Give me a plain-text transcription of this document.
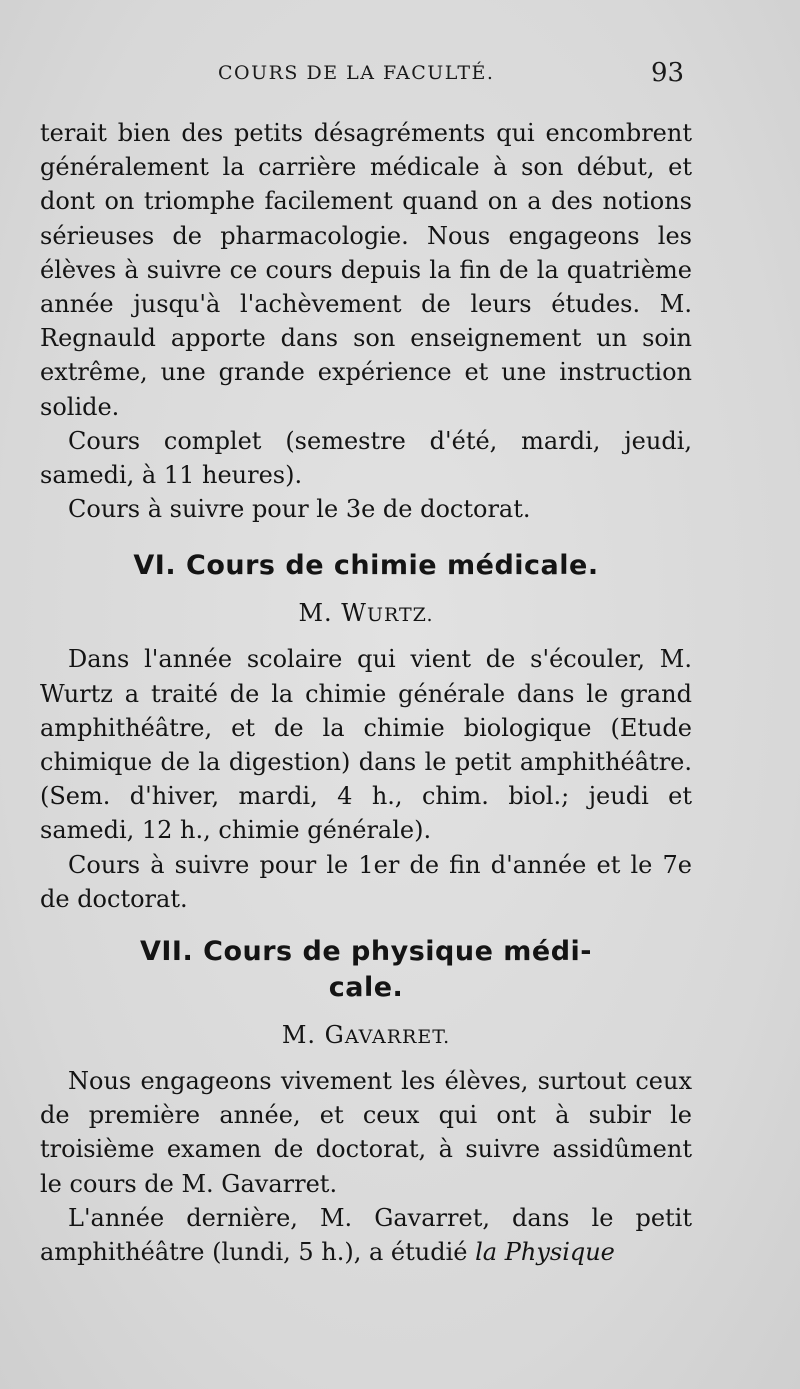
COURS DE LA FACULTÉ.	93

terait bien des petits désagréments qui encombrent généralement la carrière médicale à son début, et dont on triomphe facilement quand on a des notions sérieuses de pharmacologie. Nous engageons les élèves à suivre ce cours depuis la fin de la quatrième année jusqu'à l'achèvement de leurs études. M. Regnauld apporte dans son enseignement un soin extrême, une grande expérience et une instruction solide.

Cours complet (semestre d'été, mardi, jeudi, samedi, à 11 heures).

Cours à suivre pour le 3e de doctorat.

VI. Cours de chimie médicale.
M. WURTZ.

Dans l'année scolaire qui vient de s'écouler, M. Wurtz a traité de la chimie générale dans le grand amphithéâtre, et de la chimie biologique (Etude chimique de la digestion) dans le petit amphithéâtre. (Sem. d'hiver, mardi, 4 h., chim. biol.; jeudi et samedi, 12 h., chimie générale).

Cours à suivre pour le 1er de fin d'année et le 7e de doctorat.

VII. Cours de physique médi-
cale.
M. GAVARRET.

Nous engageons vivement les élèves, surtout ceux de première année, et ceux qui ont à subir le troisième examen de doctorat, à suivre assidûment le cours de M. Gavarret.

L'année dernière, M. Gavarret, dans le petit amphithéâtre (lundi, 5 h.), a étudié la Physique
